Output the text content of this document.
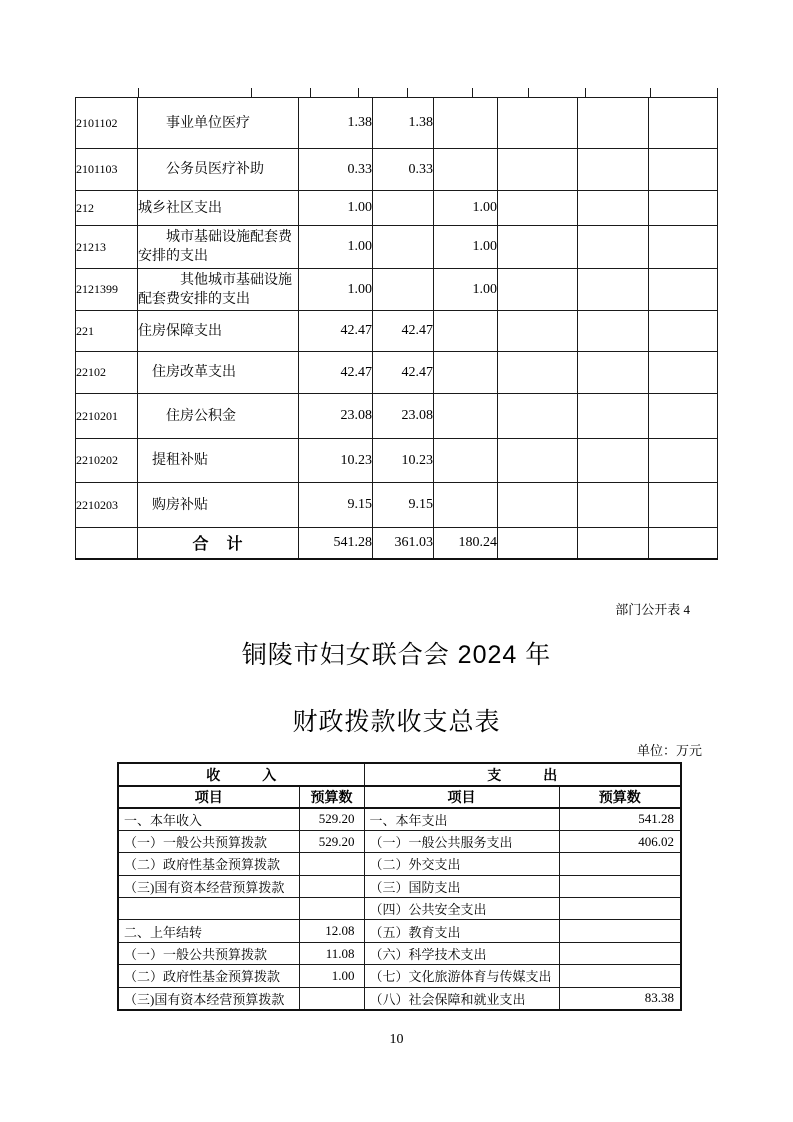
2101102	　　事业单位医疗	1.38	1.38				
2101103	　　公务员医疗补助	0.33	0.33				
212	城乡社区支出	1.00		1.00			
21213	　　城市基础设施配套费安排的支出	1.00		1.00			
2121399	　　　其他城市基础设施配套费安排的支出	1.00		1.00			
221	住房保障支出	42.47	42.47				
22102	　住房改革支出	42.47	42.47				
2210201	　　住房公积金	23.08	23.08				
2210202	　提租补贴	10.23	10.23				
2210203	　购房补贴	9.15	9.15				
	合　计	541.28	361.03	180.24			
部门公开表 4
铜陵市妇女联合会 2024 年
财政拨款收支总表
单位：万元
收　　　入		支　　　出	
项目	预算数	项目	预算数
一、本年收入	529.20	一、本年支出	541.28
（一）一般公共预算拨款	529.20	（一）一般公共服务支出	406.02
（二）政府性基金预算拨款		（二）外交支出	
（三)国有资本经营预算拨款		（三）国防支出	
		（四）公共安全支出	
二、上年结转	12.08	（五）教育支出	
（一）一般公共预算拨款	11.08	（六）科学技术支出	
（二）政府性基金预算拨款	1.00	（七）文化旅游体育与传媒支出	
（三)国有资本经营预算拨款		（八）社会保障和就业支出	83.38
10
